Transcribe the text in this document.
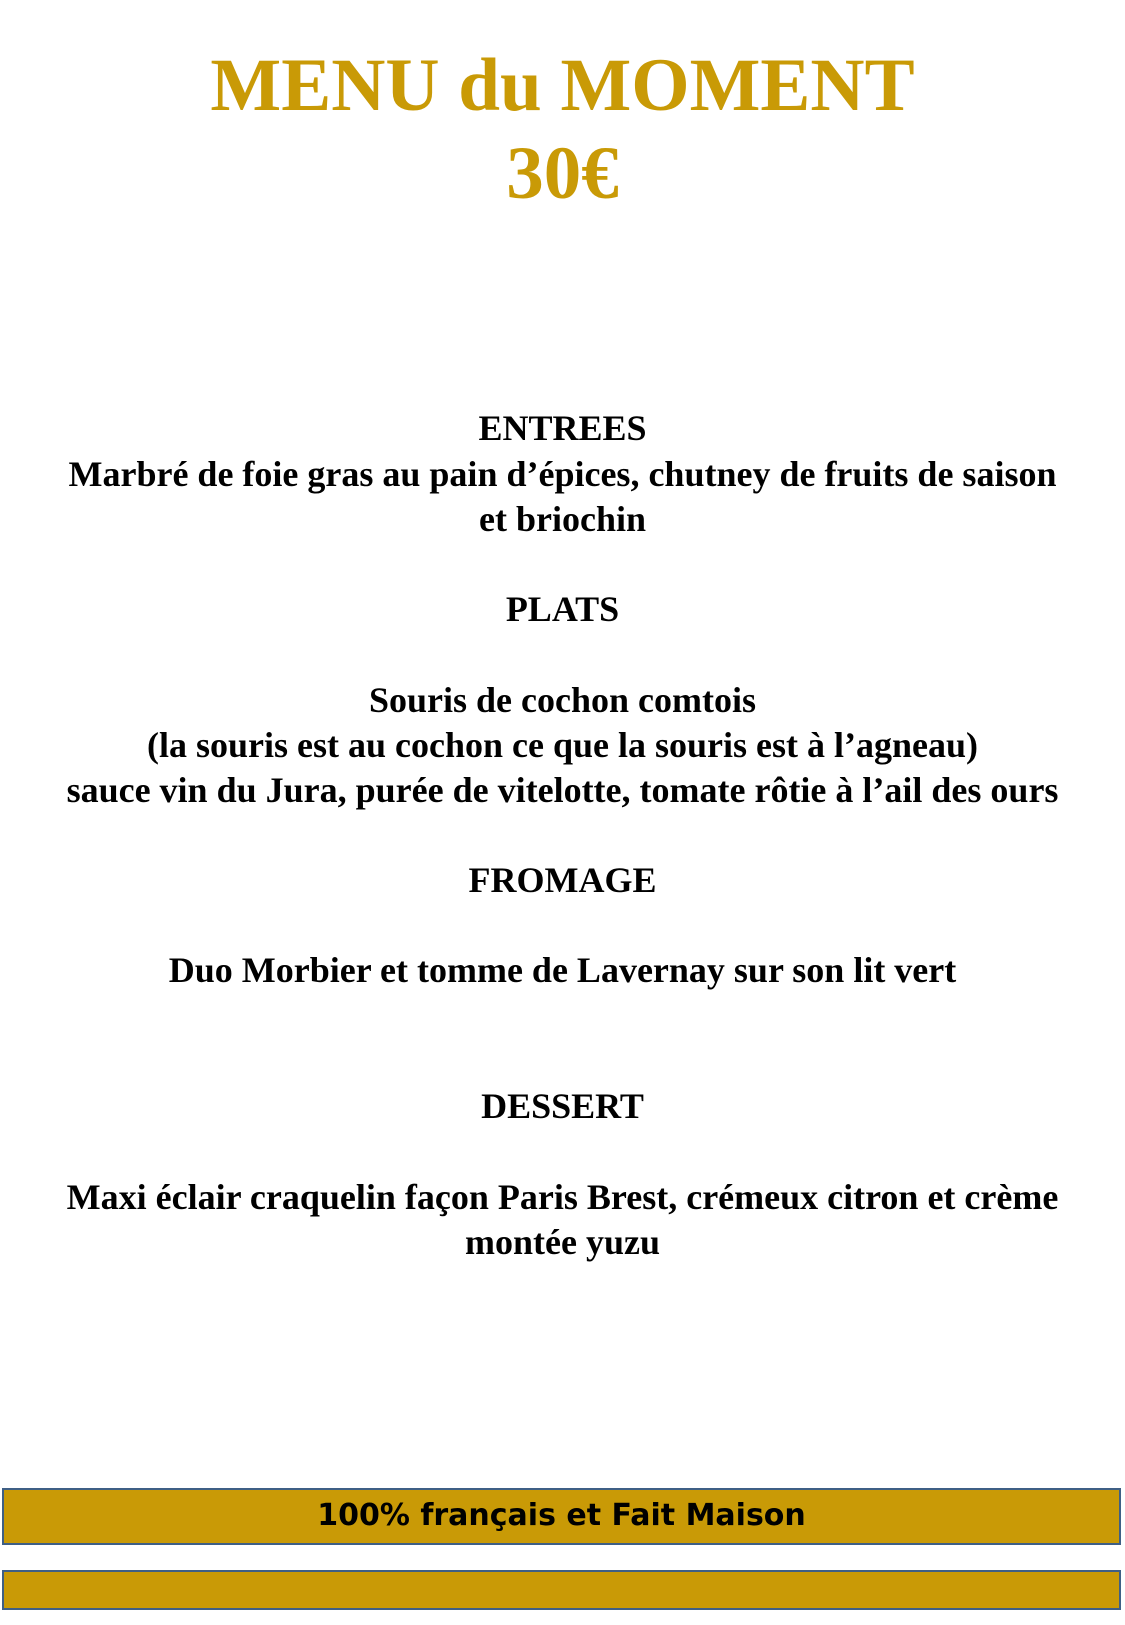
MENU du MOMENT
30€
ENTREES
Marbré de foie gras au pain d’épices, chutney de fruits de saison
et briochin
PLATS
Souris de cochon comtois
(la souris est au cochon ce que la souris est à l’agneau)
sauce vin du Jura, purée de vitelotte, tomate rôtie à l’ail des ours
FROMAGE
Duo Morbier et tomme de Lavernay sur son lit vert
DESSERT
Maxi éclair craquelin façon Paris Brest, crémeux citron et crème
montée yuzu
100% français et Fait Maison
